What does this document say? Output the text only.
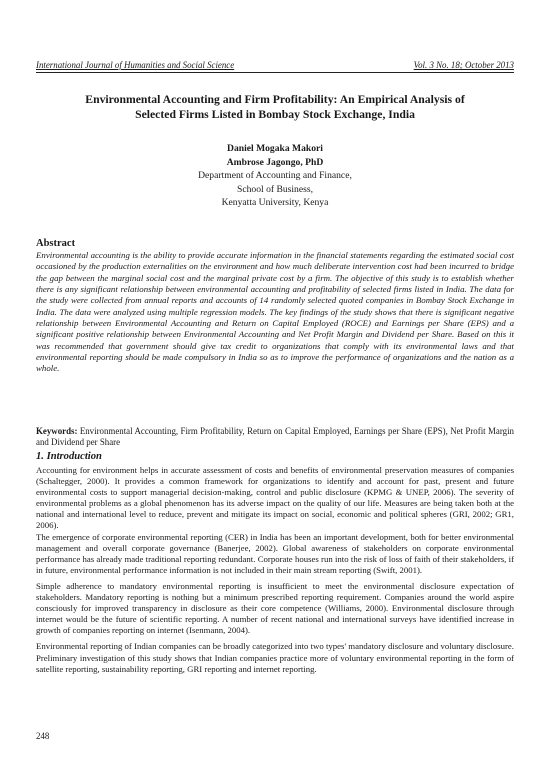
International Journal of Humanities and Social Science	Vol. 3 No. 18; October 2013
Environmental Accounting and Firm Profitability: An Empirical Analysis of
Selected Firms Listed in Bombay Stock Exchange, India
Daniel Mogaka Makori
Ambrose Jagongo, PhD
Department of Accounting and Finance,
School of Business,
Kenyatta University, Kenya
Abstract

Environmental accounting is the ability to provide accurate information in the financial statements regarding the estimated social cost occasioned by the production externalities on the environment and how much deliberate intervention cost had been incurred to bridge the gap between the marginal social cost and the marginal private cost by a firm. The objective of this study is to establish whether there is any significant relationship between environmental accounting and profitability of selected firms listed in India. The data for the study were collected from annual reports and accounts of 14 randomly selected quoted companies in Bombay Stock Exchange in India. The data were analyzed using multiple regression models. The key findings of the study shows that there is significant negative relationship between Environmental Accounting and Return on Capital Employed (ROCE) and Earnings per Share (EPS) and a significant positive relationship between Environmental Accounting and Net Profit Margin and Dividend per Share. Based on this it was recommended that government should give tax credit to organizations that comply with its environmental laws and that environmental reporting should be made compulsory in India so as to improve the performance of organizations and the nation as a whole.

Keywords: Environmental Accounting, Firm Profitability, Return on Capital Employed, Earnings per Share (EPS), Net Profit Margin and Dividend per Share

1. Introduction

Accounting for environment helps in accurate assessment of costs and benefits of environmental preservation measures of companies (Schaltegger, 2000). It provides a common framework for organizations to identify and account for past, present and future environmental costs to support managerial decision-making, control and public disclosure (KPMG & UNEP, 2006). The severity of environmental problems as a global phenomenon has its adverse impact on the quality of our life. Measures are being taken both at the national and international level to reduce, prevent and mitigate its impact on social, economic and political spheres (GRI, 2002; GR1, 2006).

The emergence of corporate environmental reporting (CER) in India has been an important development, both for better environmental management and overall corporate governance (Banerjee, 2002). Global awareness of stakeholders on corporate environmental performance has already made traditional reporting redundant. Corporate houses run into the risk of loss of faith of their stakeholders, if in future, environmental performance information is not included in their main stream reporting (Swift, 2001).

Simple adherence to mandatory environmental reporting is insufficient to meet the environmental disclosure expectation of stakeholders. Mandatory reporting is nothing but a minimum prescribed reporting requirement. Companies around the world aspire consciously for improved transparency in disclosure as their core competence (Williams, 2000). Environmental disclosure through internet would be the future of scientific reporting. A number of recent national and international surveys have identified increase in growth of companies reporting on internet (Isenmann, 2004).

Environmental reporting of Indian companies can be broadly categorized into two types' mandatory disclosure and voluntary disclosure. Preliminary investigation of this study shows that Indian companies practice more of voluntary environmental reporting in the form of satellite reporting, sustainability reporting, GRI reporting and internet reporting.

248
